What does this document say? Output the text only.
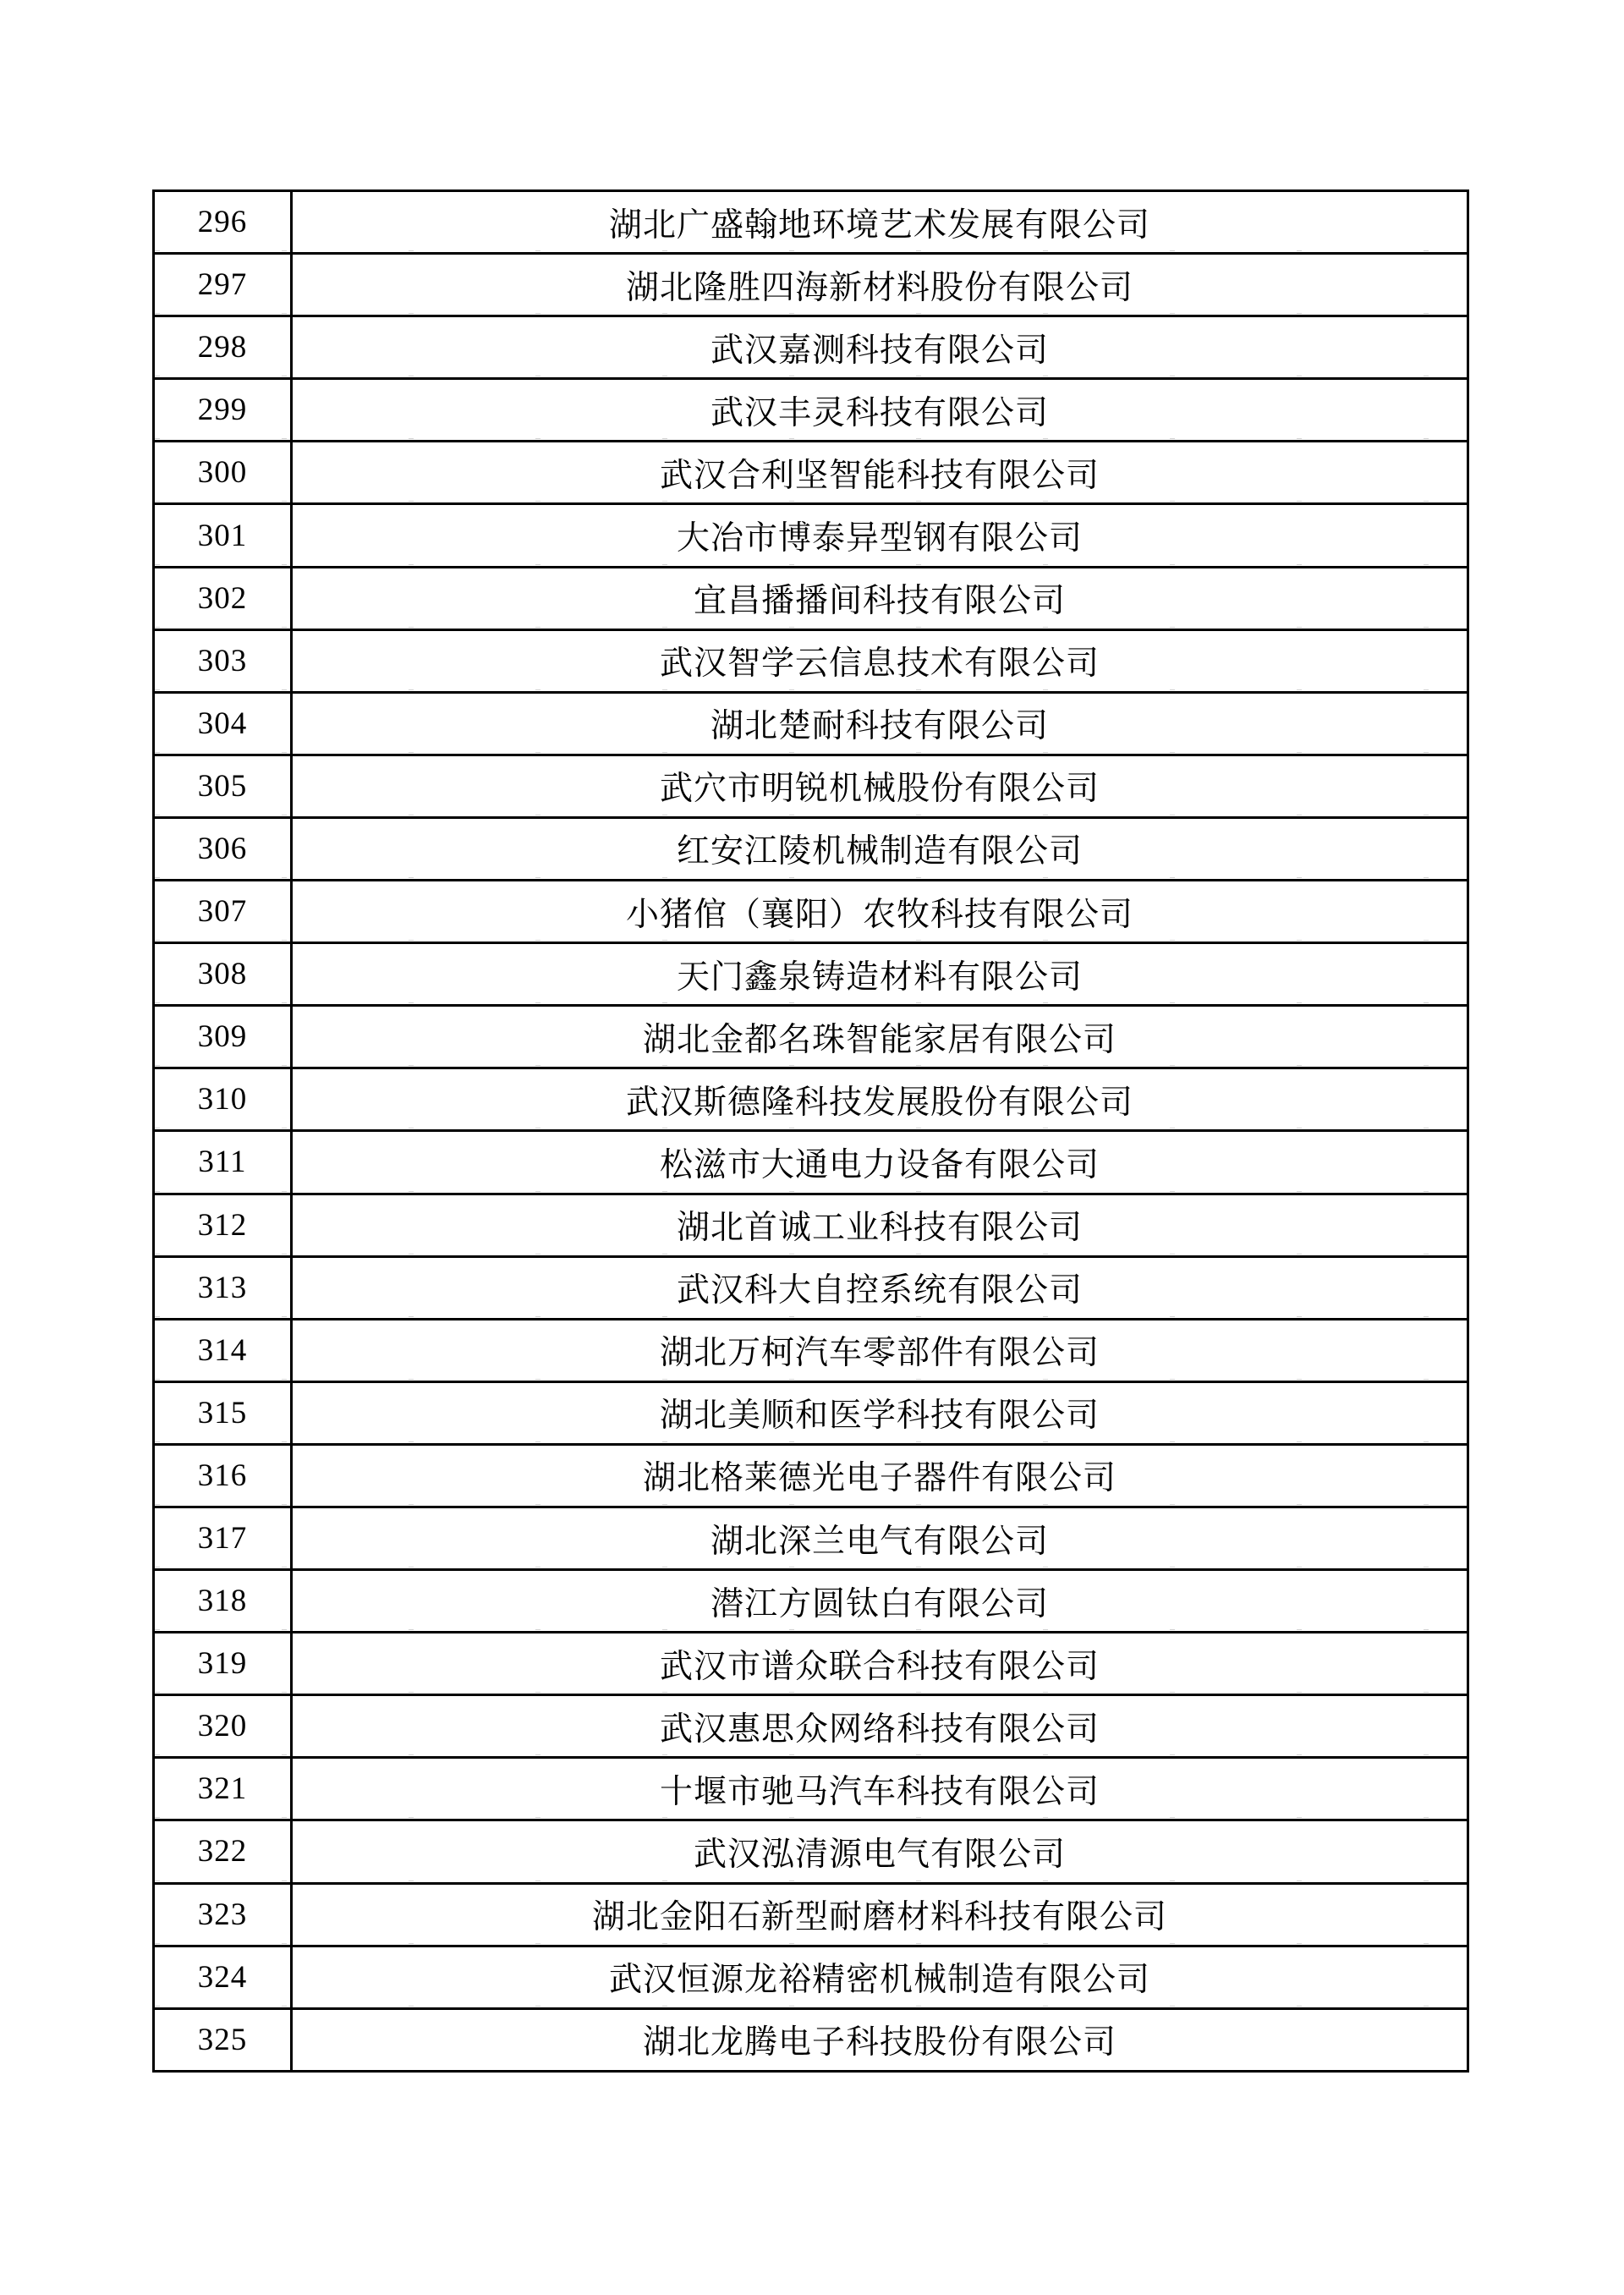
296	湖北广盛翰地环境艺术发展有限公司
297	湖北隆胜四海新材料股份有限公司
298	武汉嘉测科技有限公司
299	武汉丰灵科技有限公司
300	武汉合利坚智能科技有限公司
301	大冶市博泰异型钢有限公司
302	宜昌播播间科技有限公司
303	武汉智学云信息技术有限公司
304	湖北楚耐科技有限公司
305	武穴市明锐机械股份有限公司
306	红安江陵机械制造有限公司
307	小猪倌（襄阳）农牧科技有限公司
308	天门鑫泉铸造材料有限公司
309	湖北金都名珠智能家居有限公司
310	武汉斯德隆科技发展股份有限公司
311	松滋市大通电力设备有限公司
312	湖北首诚工业科技有限公司
313	武汉科大自控系统有限公司
314	湖北万柯汽车零部件有限公司
315	湖北美顺和医学科技有限公司
316	湖北格莱德光电子器件有限公司
317	湖北深兰电气有限公司
318	潜江方圆钛白有限公司
319	武汉市谱众联合科技有限公司
320	武汉惠思众网络科技有限公司
321	十堰市驰马汽车科技有限公司
322	武汉泓清源电气有限公司
323	湖北金阳石新型耐磨材料科技有限公司
324	武汉恒源龙裕精密机械制造有限公司
325	湖北龙腾电子科技股份有限公司
